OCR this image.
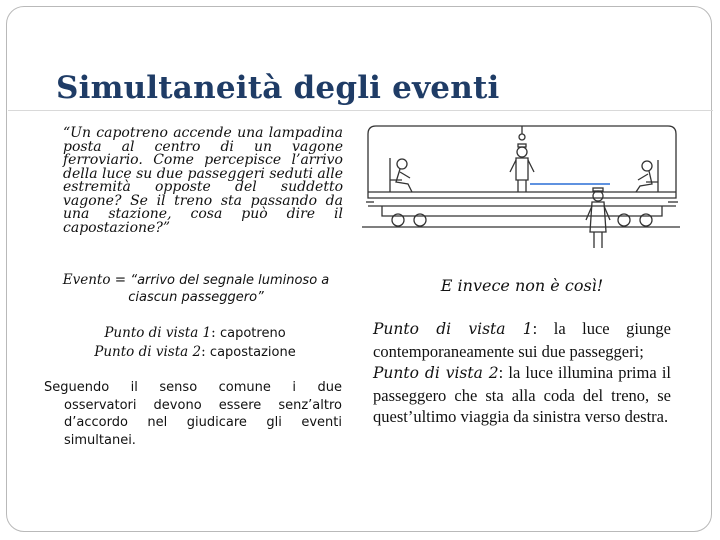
Simultaneità degli eventi
“Un capotreno accende una lampadina posta al centro di un vagone ferroviario. Come percepisce l’arrivo della luce su due passeggeri seduti alle estremità opposte del suddetto vagone? Se il treno sta passando da una stazione, cosa può dire il capostazione?”
Evento = “arrivo del segnale luminoso a ciascun passeggero”
Punto di vista 1: capotreno
Punto di vista 2: capostazione
Seguendo il senso comune i due
osservatori devono essere senz’altro d’accordo nel giudicare gli eventi simultanei.
E invece non è così!

Punto di vista 1: la luce giunge contemporaneamente sui due passeggeri;

Punto di vista 2: la luce illumina prima il passeggero che sta alla coda del treno, se quest’ultimo viaggia da sinistra verso destra.
